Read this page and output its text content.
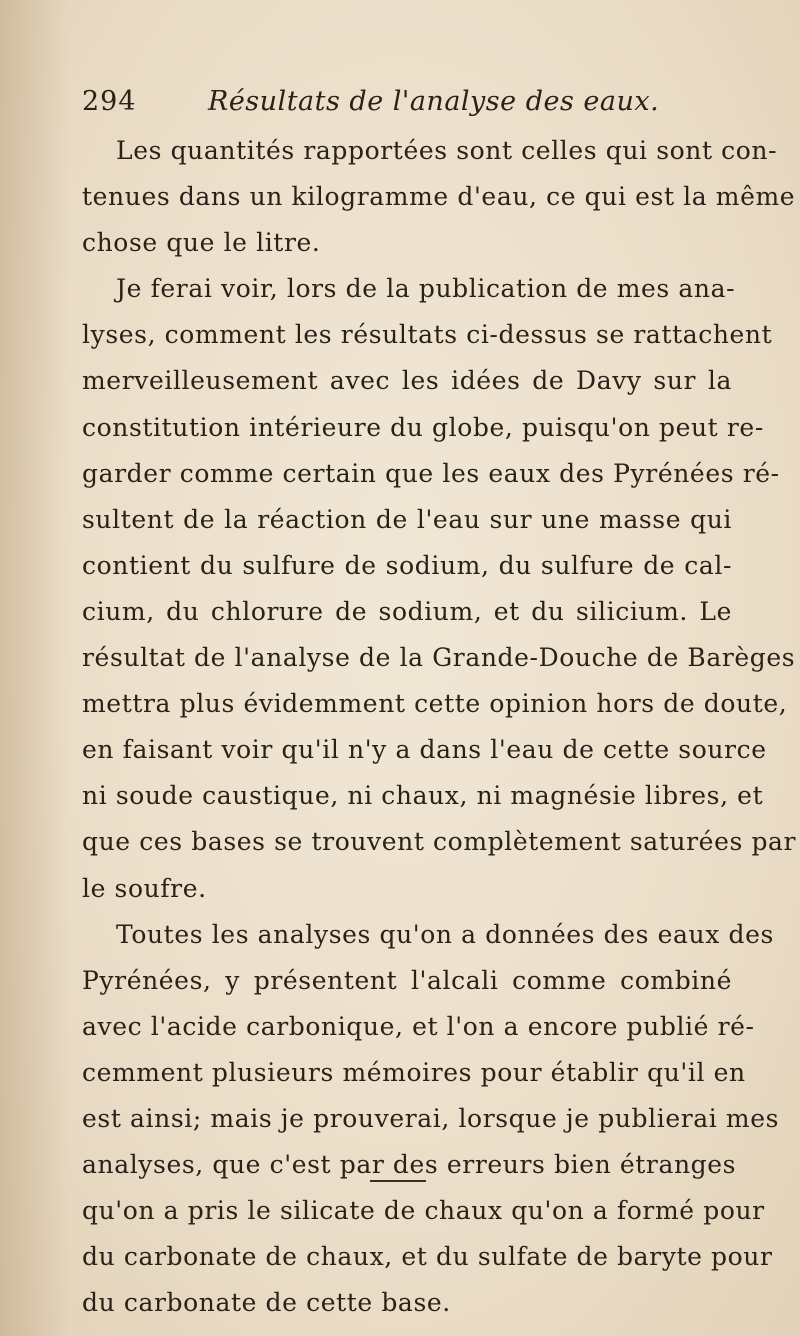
294	Résultats de l'analyse des eaux.
Les quantités rapportées sont celles qui sont con-
tenues dans un kilogramme d'eau, ce qui est la même
chose que le litre.
Je ferai voir, lors de la publication de mes ana-
lyses, comment les résultats ci-dessus se rattachent
merveilleusement avec les idées de Davy sur la
constitution intérieure du globe, puisqu'on peut re-
garder comme certain que les eaux des Pyrénées ré-
sultent de la réaction de l'eau sur une masse qui
contient du sulfure de sodium, du sulfure de cal-
cium, du chlorure de sodium, et du silicium. Le
résultat de l'analyse de la Grande-Douche de Barèges
mettra plus évidemment cette opinion hors de doute,
en faisant voir qu'il n'y a dans l'eau de cette source
ni soude caustique, ni chaux, ni magnésie libres, et
que ces bases se trouvent complètement saturées par
le soufre.
Toutes les analyses qu'on a données des eaux des
Pyrénées, y présentent l'alcali comme combiné
avec l'acide carbonique, et l'on a encore publié ré-
cemment plusieurs mémoires pour établir qu'il en
est ainsi; mais je prouverai, lorsque je publierai mes
analyses, que c'est par des erreurs bien étranges
qu'on a pris le silicate de chaux qu'on a formé pour
du carbonate de chaux, et du sulfate de baryte pour
du carbonate de cette base.
